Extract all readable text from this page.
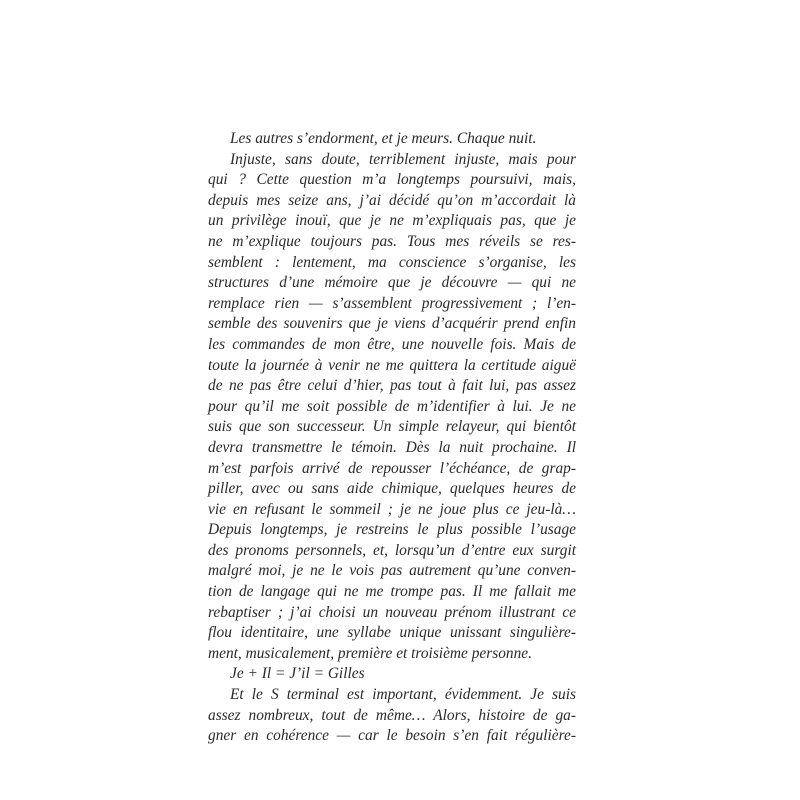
Les autres s’endorment, et je meurs. Chaque nuit.
Injuste, sans doute, terriblement injuste, mais pour
qui ? Cette question m’a longtemps poursuivi, mais,
depuis mes seize ans, j’ai décidé qu’on m’accordait là
un privilège inouï, que je ne m’expliquais pas, que je
ne m’explique toujours pas. Tous mes réveils se res-
semblent : lentement, ma conscience s’organise, les
structures d’une mémoire que je découvre — qui ne
remplace rien — s’assemblent progressivement ; l’en-
semble des souvenirs que je viens d’acquérir prend enfin
les commandes de mon être, une nouvelle fois. Mais de
toute la journée à venir ne me quittera la certitude aiguë
de ne pas être celui d’hier, pas tout à fait lui, pas assez
pour qu’il me soit possible de m’identifier à lui. Je ne
suis que son successeur. Un simple relayeur, qui bientôt
devra transmettre le témoin. Dès la nuit prochaine. Il
m’est parfois arrivé de repousser l’échéance, de grap-
piller, avec ou sans aide chimique, quelques heures de
vie en refusant le sommeil ; je ne joue plus ce jeu-là…
Depuis longtemps, je restreins le plus possible l’usage
des pronoms personnels, et, lorsqu’un d’entre eux surgit
malgré moi, je ne le vois pas autrement qu’une conven-
tion de langage qui ne me trompe pas. Il me fallait me
rebaptiser ; j’ai choisi un nouveau prénom illustrant ce
flou identitaire, une syllabe unique unissant singulière-
ment, musicalement, première et troisième personne.
Je + Il = J’il = Gilles
Et le S terminal est important, évidemment. Je suis
assez nombreux, tout de même… Alors, histoire de ga-
gner en cohérence — car le besoin s’en fait régulière-
